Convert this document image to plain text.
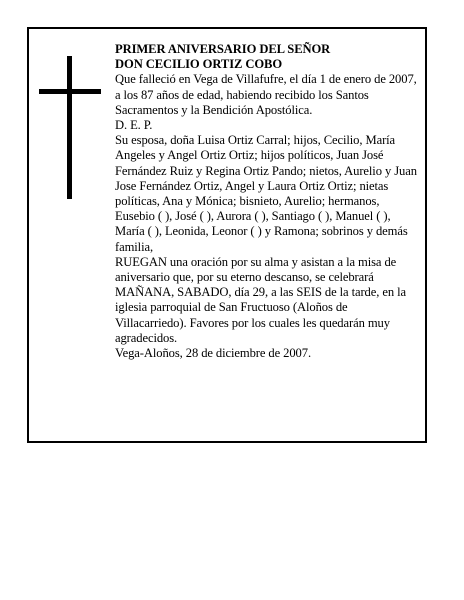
PRIMER ANIVERSARIO DEL SEÑOR

DON CECILIO ORTIZ COBO

Que falleció en Vega de Villafufre, el día 1 de enero de 2007, a los 87 años de edad, habiendo recibido los Santos Sacramentos y la Bendición Apostólica.

D. E. P.

Su esposa, doña Luisa Ortiz Carral; hijos, Cecilio, María Angeles y Angel Ortiz Ortiz; hijos políticos, Juan José Fernández Ruiz y Regina Ortiz Pando; nietos, Aurelio y Juan Jose Fernández Ortiz, Angel y Laura Ortiz Ortiz; nietas políticas, Ana y Mónica; bisnieto, Aurelio; hermanos, Eusebio ( ), José ( ), Aurora ( ), Santiago ( ), Manuel ( ), María ( ), Leonida, Leonor ( ) y Ramona; sobrinos y demás familia,

RUEGAN una oración por su alma y asistan a la misa de aniversario que, por su eterno descanso, se celebrará MAÑANA, SABADO, día 29, a las SEIS de la tarde, en la iglesia parroquial de San Fructuoso (Aloños de Villacarriedo). Favores por los cuales les quedarán muy agradecidos.

Vega-Aloños, 28 de diciembre de 2007.
